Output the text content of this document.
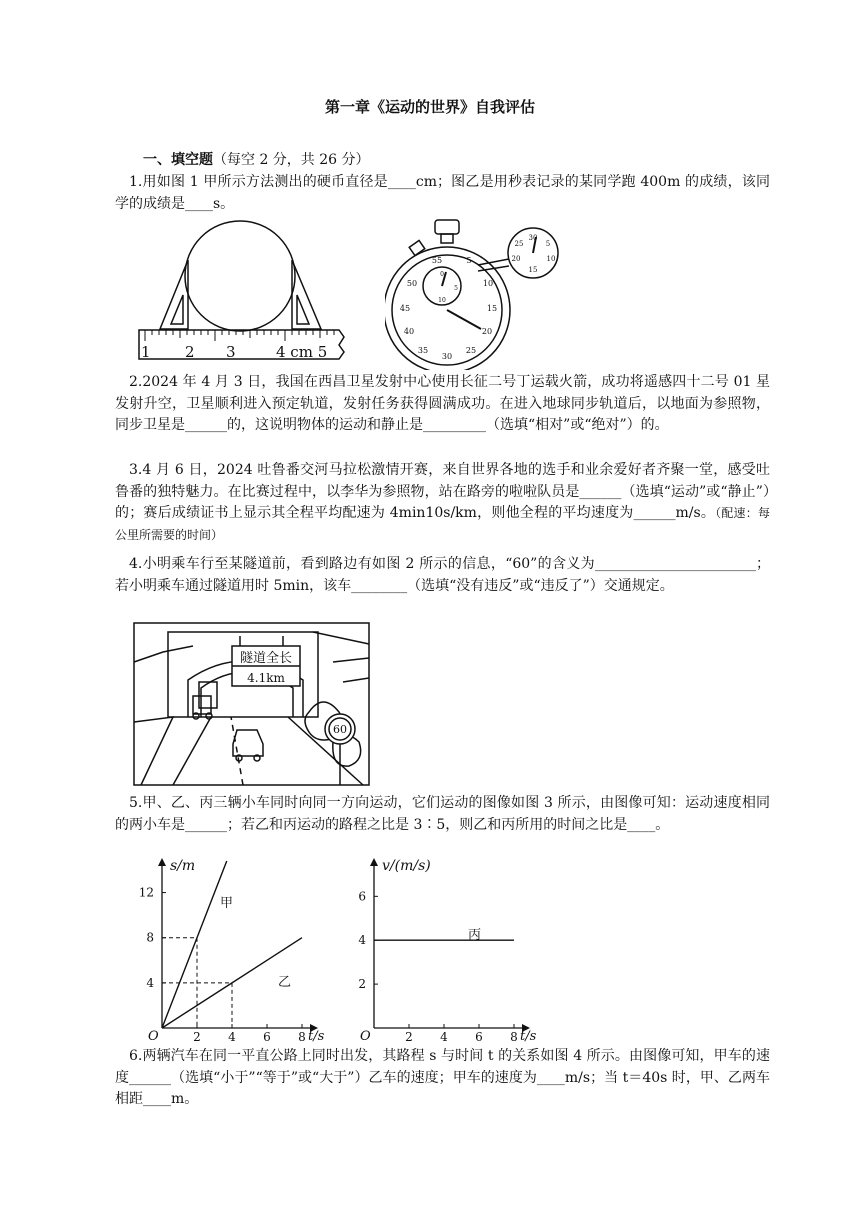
第一章《运动的世界》自我评估
一、填空题（每空 2 分，共 26 分）
1.用如图 1 甲所示方法测出的硬币直径是____cm；图乙是用秒表记录的某同学跑 400m 的成绩，该同学的成绩是____s。
1 2 3	4 cm 5
55	5
10
50
45	15
40	20
35
30
25
0
5
10
30
5
25
10
20
15
2.2024 年 4 月 3 日，我国在西昌卫星发射中心使用长征二号丁运载火箭，成功将遥感四十二号 01 星发射升空，卫星顺利进入预定轨道，发射任务获得圆满成功。在进入地球同步轨道后，以地面为参照物，同步卫星是______的，这说明物体的运动和静止是_________（选填“相对”或“绝对”）的。
3.4 月 6 日，2024 吐鲁番交河马拉松激情开赛，来自世界各地的选手和业余爱好者齐聚一堂，感受吐鲁番的独特魅力。在比赛过程中，以李华为参照物，站在路旁的啦啦队员是______（选填“运动”或“静止”）的；赛后成绩证书上显示其全程平均配速为 4min10s/km，则他全程的平均速度为______m/s。（配速：每公里所需要的时间）
4.小明乘车行至某隧道前，看到路边有如图 2 所示的信息，“60”的含义为_______________________；若小明乘车通过隧道用时 5min，该车________（选填“没有违反”或“违反了”）交通规定。
隧道全长
4.1km
60
5.甲、乙、丙三辆小车同时向同一方向运动，它们运动的图像如图 3 所示，由图像可知：运动速度相同的两小车是______；若乙和丙运动的路程之比是 3∶5，则乙和丙所用的时间之比是____。
s/m
t/s
O	2 4 6 8
4
8
12
甲
乙
v/(m/s)
t/s
O	2 4 6 8
2
4
6
丙
6.两辆汽车在同一平直公路上同时出发，其路程 s 与时间 t 的关系如图 4 所示。由图像可知，甲车的速度______（选填“小于”“等于”或“大于”）乙车的速度；甲车的速度为____m/s；当 t＝40s 时，甲、乙两车相距____m。
